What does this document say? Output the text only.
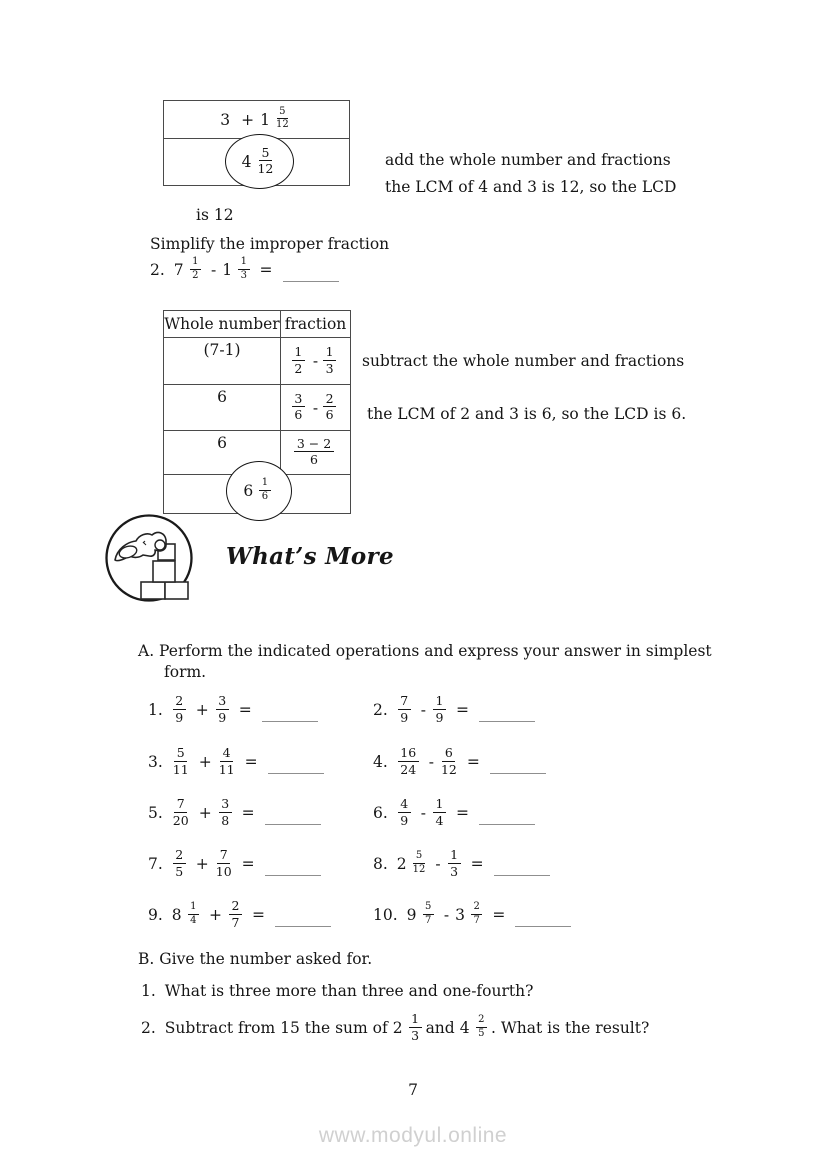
$3 + 1 \frac{5}{12}$
$4 \frac{5}{12}$	add the whole number and fractions
the LCM of 4 and 3 is 12, so the LCD
is 12
Simplify the improper fraction
2. $7 \frac{1}{2} - 1 \frac{1}{3}$ =
Whole number fraction
(7-1)	$\frac{1}{2} - \frac{1}{3}$
6	$\frac{3}{6} - \frac{2}{6}$
6	$\frac{3 - 2}{6}$
$6 \frac{1}{6}$
subtract the whole number and fractions
the LCM of 2 and 3 is 6, so the LCD is 6.
What’s More
A. Perform the indicated operations and express your answer in simplest
form.
1. $\frac{2}{9} + \frac{3}{9}$ =	2. $\frac{7}{9} - \frac{1}{9}$ =
3. $\frac{5}{11} + \frac{4}{11}$ =	4. $\frac{16}{24} - \frac{6}{12}$ =
5. $\frac{7}{20} + \frac{3}{8}$ =	6. $\frac{4}{9} - \frac{1}{4}$ =
7. $\frac{2}{5} + \frac{7}{10}$ =	8. $2 \frac{5}{12} - \frac{1}{3}$ =
9. $8 \frac{1}{4} + \frac{2}{7}$ =	10. $9 \frac{5}{7} - 3 \frac{2}{7}$ =
B. Give the number asked for.
1. What is three more than three and one-fourth?
2. Subtract from 15 the sum of $2 \frac{1}{3}$ and $4 \frac{2}{5}$ . What is the result?
7
www.modyul.online
